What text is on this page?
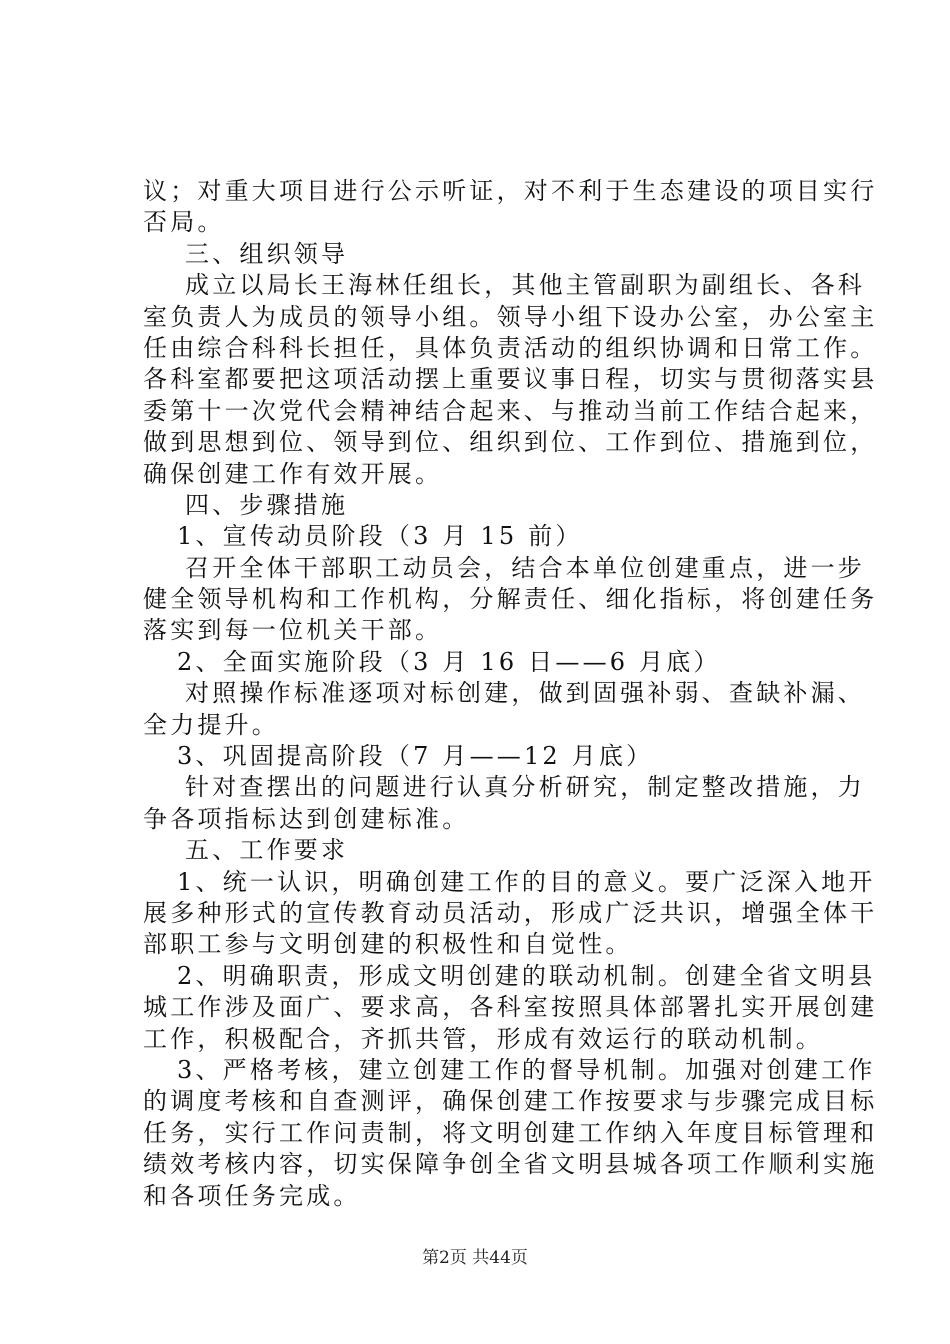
议；对重大项目进行公示听证，对不利于生态建设的项目实行
否局。
三、组织领导
成立以局长王海林任组长，其他主管副职为副组长、各科
室负责人为成员的领导小组。领导小组下设办公室，办公室主
任由综合科科长担任，具体负责活动的组织协调和日常工作。
各科室都要把这项活动摆上重要议事日程，切实与贯彻落实县
委第十一次党代会精神结合起来、与推动当前工作结合起来，
做到思想到位、领导到位、组织到位、工作到位、措施到位，
确保创建工作有效开展。
四、步骤措施
1、宣传动员阶段（3 月 15 前）
召开全体干部职工动员会，结合本单位创建重点，进一步
健全领导机构和工作机构，分解责任、细化指标，将创建任务
落实到每一位机关干部。
2、全面实施阶段（3 月 16 日——6 月底）
对照操作标准逐项对标创建，做到固强补弱、查缺补漏、
全力提升。
3、巩固提高阶段（7 月——12 月底）
针对查摆出的问题进行认真分析研究，制定整改措施，力
争各项指标达到创建标准。
五、工作要求
1、统一认识，明确创建工作的目的意义。要广泛深入地开
展多种形式的宣传教育动员活动，形成广泛共识，增强全体干
部职工参与文明创建的积极性和自觉性。
2、明确职责，形成文明创建的联动机制。创建全省文明县
城工作涉及面广、要求高，各科室按照具体部署扎实开展创建
工作，积极配合，齐抓共管，形成有效运行的联动机制。
3、严格考核，建立创建工作的督导机制。加强对创建工作
的调度考核和自查测评，确保创建工作按要求与步骤完成目标
任务，实行工作问责制，将文明创建工作纳入年度目标管理和
绩效考核内容，切实保障争创全省文明县城各项工作顺利实施
和各项任务完成。
第2页 共44页
